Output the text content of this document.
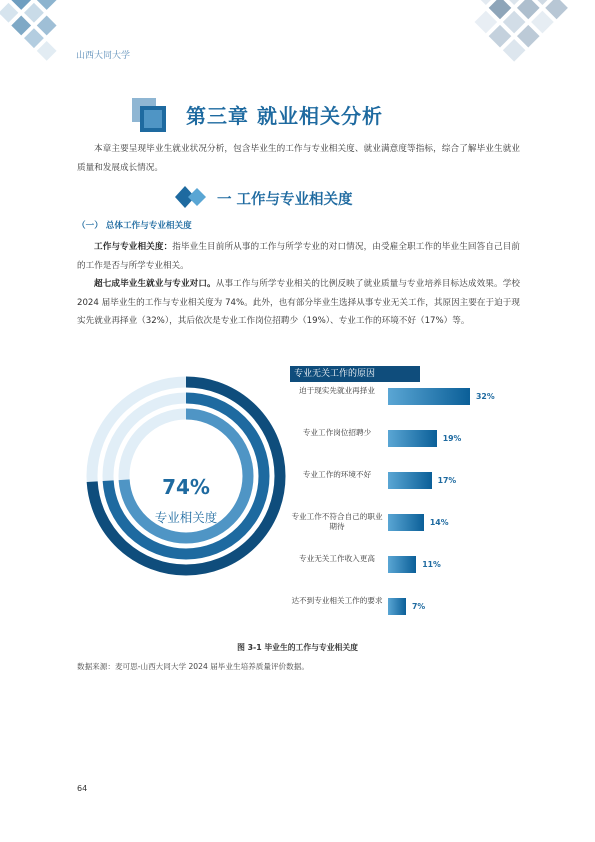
山西大同大学
第三章 就业相关分析
本章主要呈现毕业生就业状况分析，包含毕业生的工作与专业相关度、就业满意度等指标，综合了解毕业生就业质量和发展成长情况。
一 工作与专业相关度
（一） 总体工作与专业相关度
工作与专业相关度：指毕业生目前所从事的工作与所学专业的对口情况，由受雇全职工作的毕业生回答自己目前的工作是否与所学专业相关。
超七成毕业生就业与专业对口。从事工作与所学专业相关的比例反映了就业质量与专业培养目标达成效果。学校 2024 届毕业生的工作与专业相关度为 74%。此外，也有部分毕业生选择从事专业无关工作，其原因主要在于迫于现实先就业再择业（32%），其后依次是专业工作岗位招聘少（19%）、专业工作的环境不好（17%）等。
74%
专业相关度
专业无关工作的原因
迫于现实先就业再择业
32%
专业工作岗位招聘少
19%
专业工作的环境不好
17%
专业工作不符合自己的职业期待	14%
专业无关工作收入更高
11%
达不到专业相关工作的要求
7%
图 3-1 毕业生的工作与专业相关度
数据来源：麦可思-山西大同大学 2024 届毕业生培养质量评价数据。
64
